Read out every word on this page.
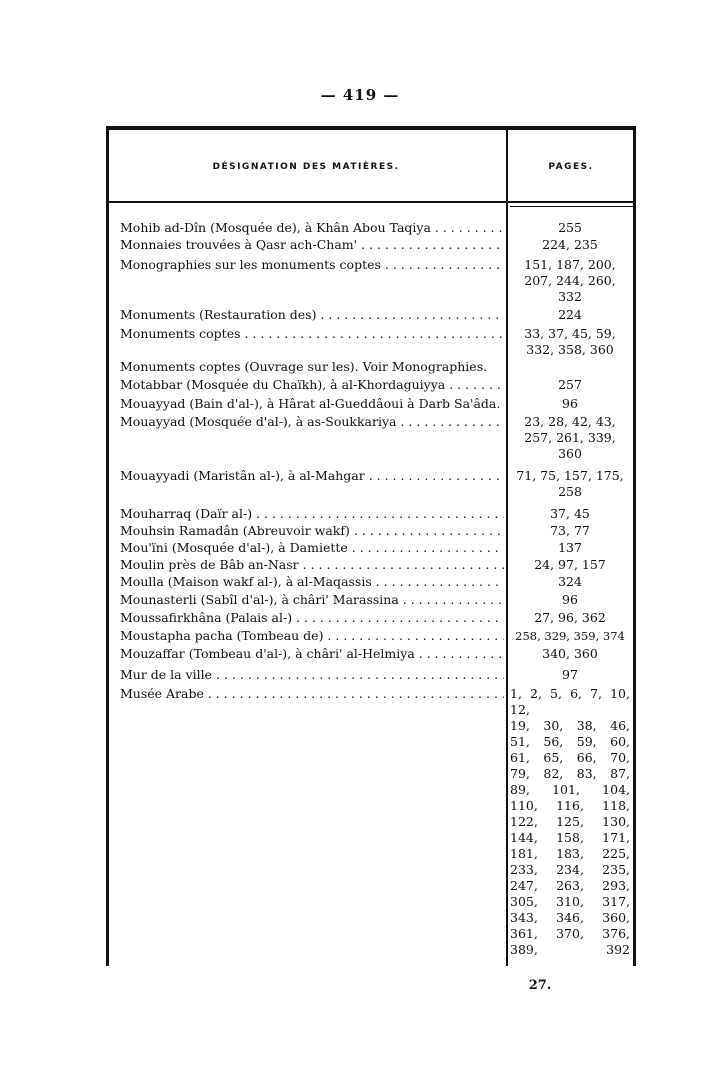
— 419 —
DÉSIGNATION DES MATIÈRES.	PAGES.
Mohib ad-Dîn (Mosquée de), à Khân Abou Taqiya . . .	255
Monnaies trouvées à Qasr ach-Cham' . . .	224, 235
Monographies sur les monuments coptes . . .	151, 187, 200,
207, 244, 260,
332
Monuments (Restauration des) . . .	224
Monuments coptes . . .	33, 37, 45, 59,
332, 358, 360
Monuments coptes (Ouvrage sur les). Voir Monographies.
Motabbar (Mosquée du Chaïkh), à al-Khordaguiyya . . .	257
Mouayyad (Bain d'al-), à Hârat al-Gueddâoui à Darb Sa'âda. . . .	96
Mouayyad (Mosquée d'al-), à as-Soukkariya . . .	23, 28, 42, 43,
257, 261, 339,
360
Mouayyadi (Maristân al-), à al-Mahgar . . .	71, 75, 157, 175,
258
Mouharraq (Daïr al-) . . .	37, 45
Mouhsin Ramadân (Abreuvoir wakf) . . .	73, 77
Mou'ïni (Mosquée d'al-), à Damiette . . .	137
Moulin près de Bâb an-Nasr . . .	24, 97, 157
Moulla (Maison wakf al-), à al-Maqassis . . .	324
Mounasterli (Sabîl d'al-), à châri' Marassina . . .	96
Moussafirkhâna (Palais al-) . . .	27, 96, 362
Moustapha pacha (Tombeau de) . . .	258, 329, 359, 374
Mouzaffar (Tombeau d'al-), à châri' al-Helmiya . . .	340, 360
Mur de la ville . . .	97
Musée Arabe . . .	1, 2, 5, 6, 7, 10, 12,
19, 30, 38, 46,
51, 56, 59, 60,
61, 65, 66, 70,
79, 82, 83, 87,
89, 101, 104,
110, 116, 118,
122, 125, 130,
144, 158, 171,
181, 183, 225,
233, 234, 235,
247, 263, 293,
305, 310, 317,
343, 346, 360,
361, 370, 376,
389, 392
27.
